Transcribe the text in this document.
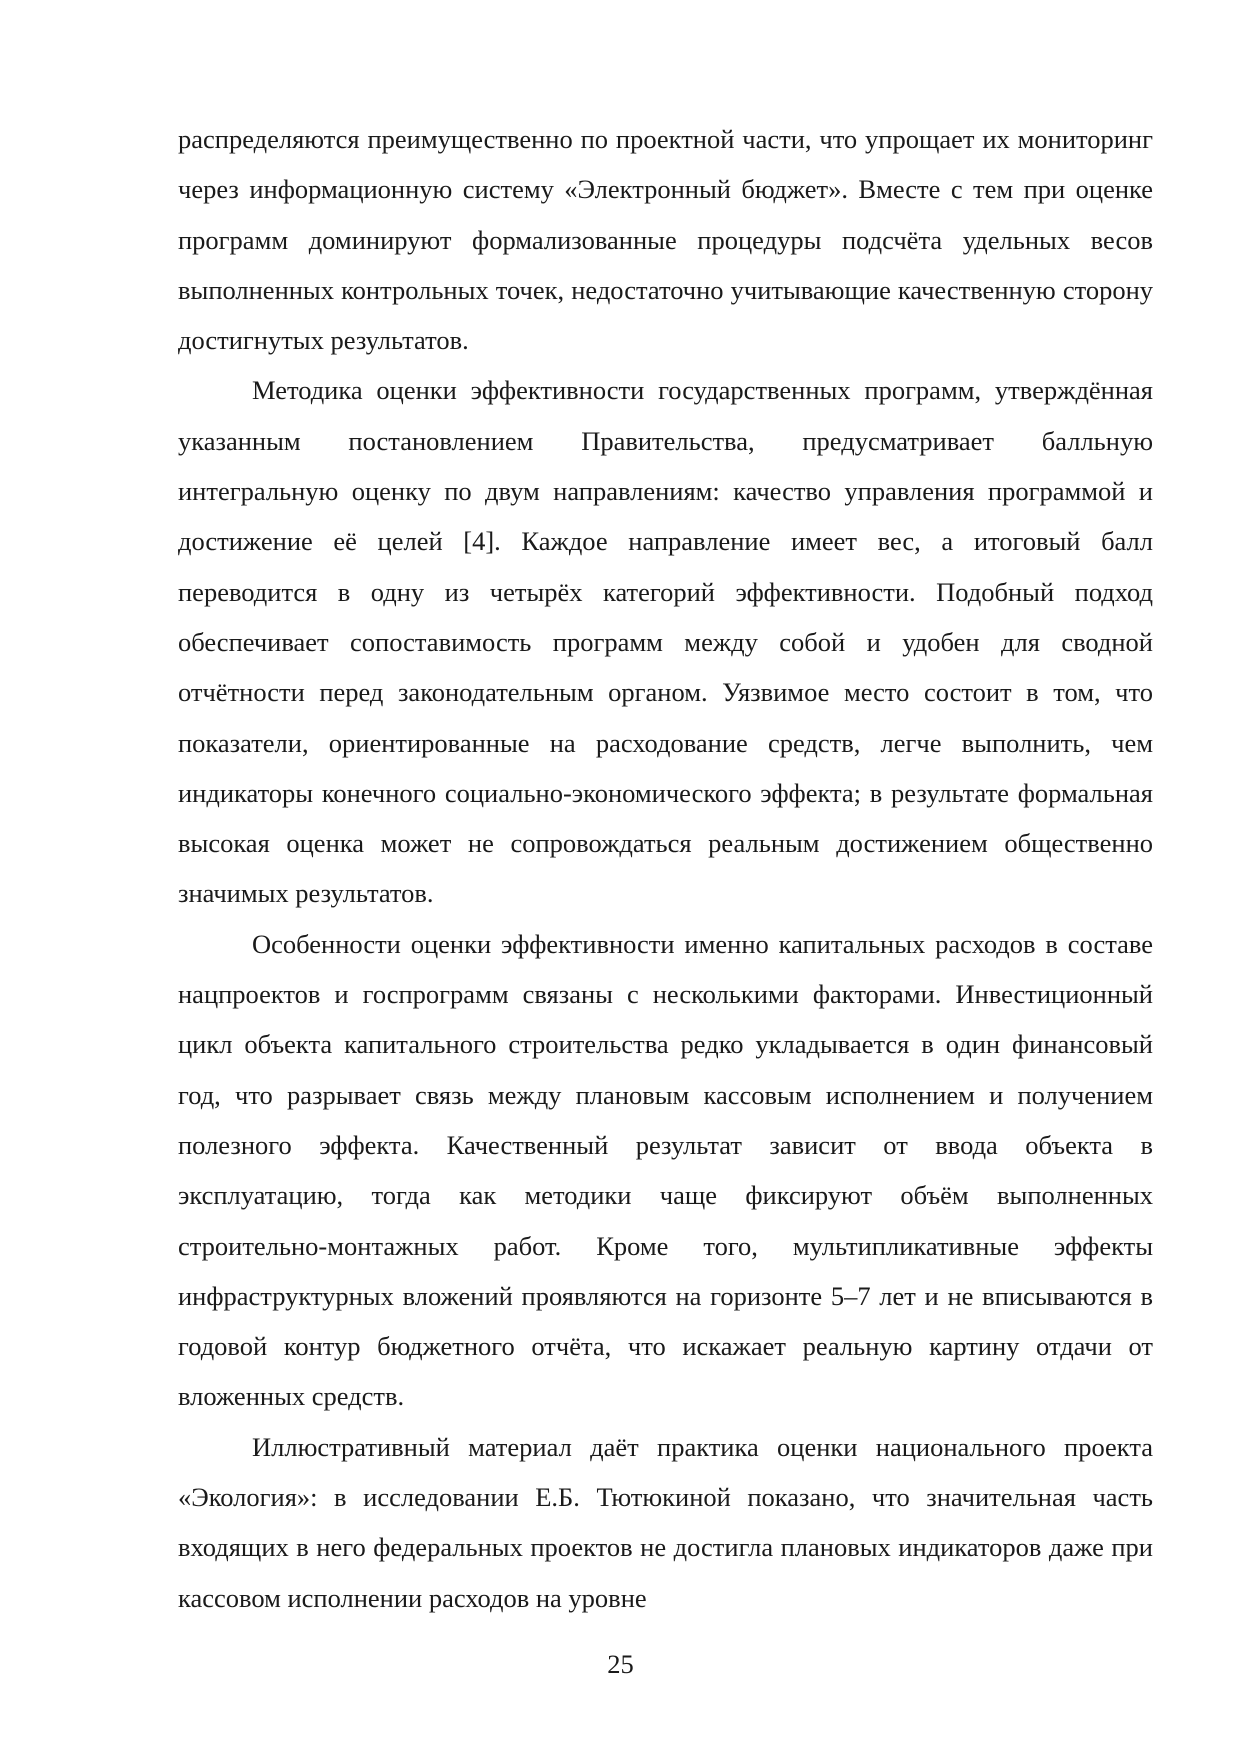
распределяются преимущественно по проектной части, что упрощает их мониторинг через информационную систему «Электронный бюджет». Вместе с тем при оценке программ доминируют формализованные процедуры подсчёта удельных весов выполненных контрольных точек, недостаточно учитывающие качественную сторону достигнутых результатов.

Методика оценки эффективности государственных программ, утверждённая указанным постановлением Правительства, предусматривает балльную интегральную оценку по двум направлениям: качество управления программой и достижение её целей [4]. Каждое направление имеет вес, а итоговый балл переводится в одну из четырёх категорий эффективности. Подобный подход обеспечивает сопоставимость программ между собой и удобен для сводной отчётности перед законодательным органом. Уязвимое место состоит в том, что показатели, ориентированные на расходование средств, легче выполнить, чем индикаторы конечного социально-экономического эффекта; в результате формальная высокая оценка может не сопровождаться реальным достижением общественно значимых результатов.

Особенности оценки эффективности именно капитальных расходов в составе нацпроектов и госпрограмм связаны с несколькими факторами. Инвестиционный цикл объекта капитального строительства редко укладывается в один финансовый год, что разрывает связь между плановым кассовым исполнением и получением полезного эффекта. Качественный результат зависит от ввода объекта в эксплуатацию, тогда как методики чаще фиксируют объём выполненных строительно-монтажных работ. Кроме того, мультипликативные эффекты инфраструктурных вложений проявляются на горизонте 5–7 лет и не вписываются в годовой контур бюджетного отчёта, что искажает реальную картину отдачи от вложенных средств.

Иллюстративный материал даёт практика оценки национального проекта «Экология»: в исследовании Е.Б. Тютюкиной показано, что значительная часть входящих в него федеральных проектов не достигла плановых индикаторов даже при кассовом исполнении расходов на уровне

25
